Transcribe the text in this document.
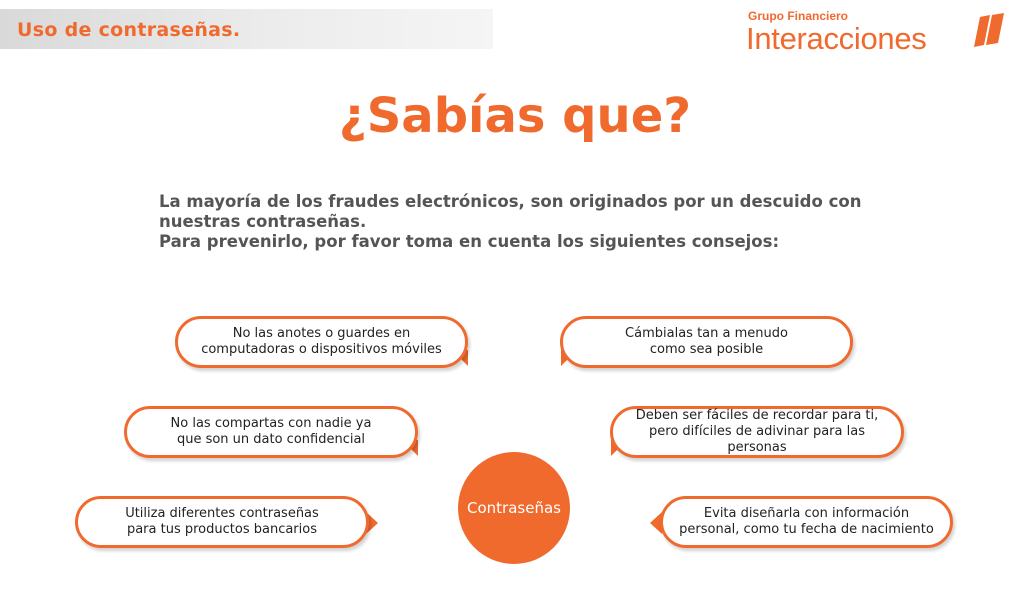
Uso de contraseñas.
Grupo Financiero
Interacciones
¿Sabías que?
La mayoría de los fraudes electrónicos, son originados por un descuido con
nuestras contraseñas.
Para prevenirlo, por favor toma en cuenta los siguientes consejos:
No las anotes o guardes en
computadoras o dispositivos móviles
No las compartas con nadie ya
que son un dato confidencial
Utiliza diferentes contraseñas
para tus productos bancarios
Cámbialas tan a menudo
como sea posible
Deben ser fáciles de recordar para ti,
pero difíciles de adivinar para las personas
Evita diseñarla con información
personal, como tu fecha de nacimiento
Contraseñas
